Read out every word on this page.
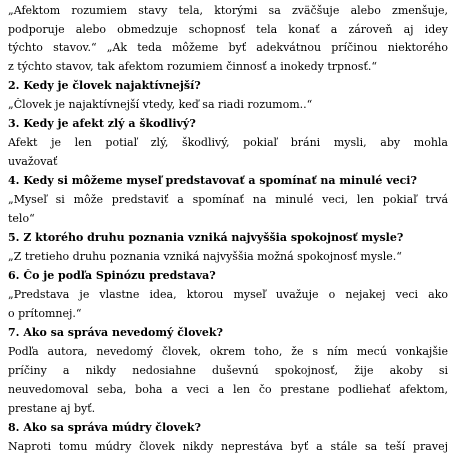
„Afektom rozumiem stavy tela, ktorými sa zväčšuje alebo zmenšuje,
podporuje alebo obmedzuje schopnosť tela konať a zároveň aj idey
týchto stavov.“ „Ak teda môžeme byť adekvátnou príčinou niektorého
z týchto stavov, tak afektom rozumiem činnosť a inokedy trpnosť.“
2. Kedy je človek najaktívnejší?
„Človek je najaktívnejší vtedy, keď sa riadi rozumom..“
3. Kedy je afekt zlý a škodlivý?
Afekt je len potiaľ zlý, škodlivý, pokiaľ bráni mysli, aby mohla
uvažovať
4. Kedy si môžeme myseľ predstavovať a spomínať na minulé veci?
„Myseľ si môže predstaviť a spomínať na minulé veci, len pokiaľ trvá
telo“
5. Z ktorého druhu poznania vzniká najvyššia spokojnosť mysle?
„Z tretieho druhu poznania vzniká najvyššia možná spokojnosť mysle.“
6. Čo je podľa Spinózu predstava?
„Predstava je vlastne idea, ktorou myseľ uvažuje o nejakej veci ako
o prítomnej.“
7. Ako sa správa nevedomý človek?
Podľa autora, nevedomý človek, okrem toho, že s ním mecú vonkajšie
príčiny a nikdy nedosiahne duševnú spokojnosť, žije akoby si
neuvedomoval seba, boha a veci a len čo prestane podliehať afektom,
prestane aj byť.
8. Ako sa správa múdry človek?
Naproti tomu múdry človek nikdy neprestáva byť a stále sa teší pravej
